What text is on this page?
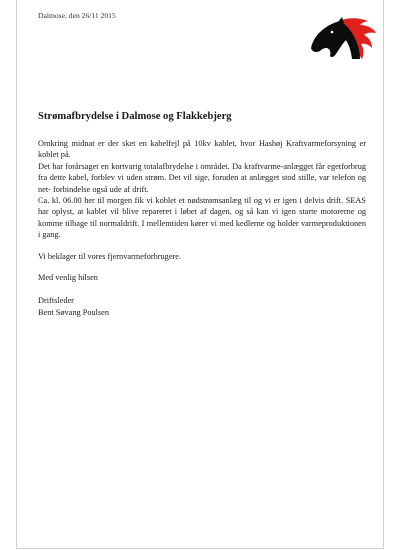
Dalmose, den 26/11 2015
Strømafbrydelse i Dalmose og Flakkebjerg

Omkring midnat er der sket en kabelfejl på 10kv kablet, hvor Hashøj Kraftvarmeforsyning er koblet på.

Det har forårsaget en kortvarig totalafbrydelse i området. Da kraftvarme-anlægget får egetforbrug fra dette kabel, forblev vi uden strøm. Det vil sige, foruden at anlægget stod stille, var telefon og net- forbindelse også ude af drift.

Ca. kl. 06.00 her til morgen fik vi koblet et nødstrømsanlæg til og vi er igen i delvis drift. SEAS har oplyst, at kablet vil blive repareret i løbet af dagen, og så kan vi igen starte motorerne og komme tilbage til normaldrift. I mellemtiden kører vi med kedlerne og holder varmeproduktionen i gang.

Vi beklager til vores fjernvarmeforbrugere.

Med venlig hilsen

Driftsleder

Bent Søvang Poulsen
